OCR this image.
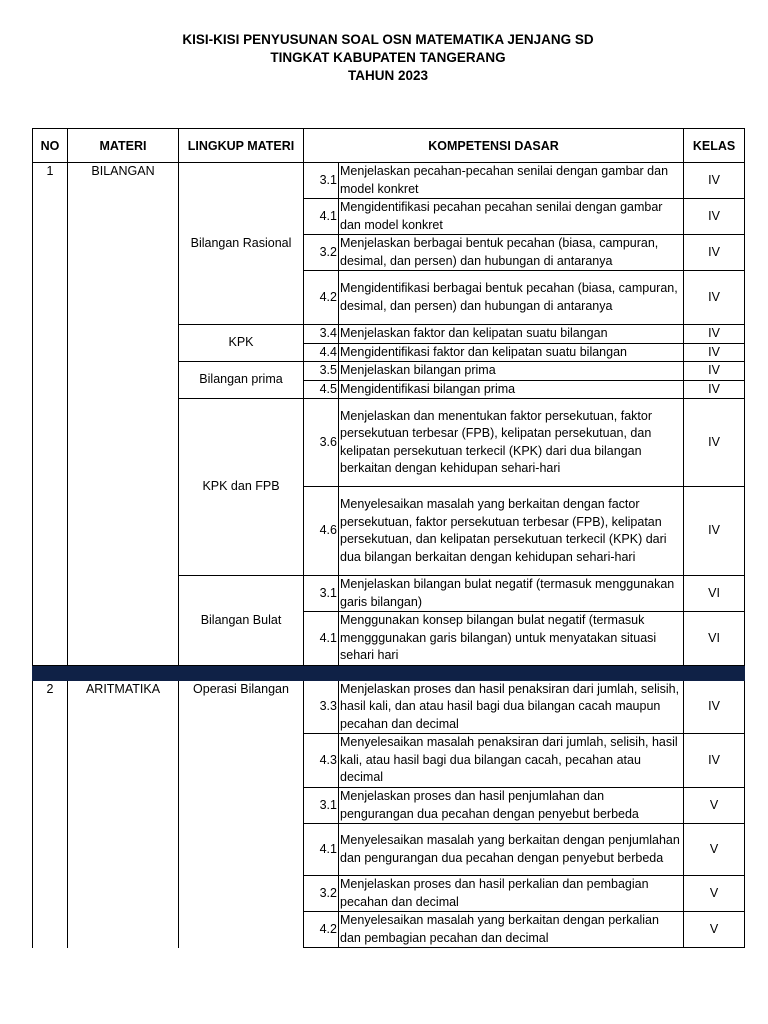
KISI-KISI PENYUSUNAN SOAL OSN MATEMATIKA JENJANG SD
TINGKAT KABUPATEN TANGERANG
TAHUN 2023
NO	MATERI	LINGKUP MATERI	KOMPETENSI DASAR		KELAS
1	BILANGAN	Bilangan Rasional	3.1	Menjelaskan pecahan-pecahan senilai dengan gambar dan model konkret	IV
			4.1	Mengidentifikasi pecahan pecahan senilai dengan gambar dan model konkret	IV
			3.2	Menjelaskan berbagai bentuk pecahan (biasa, campuran, desimal, dan persen) dan hubungan di antaranya	IV
			4.2	Mengidentifikasi berbagai bentuk pecahan (biasa, campuran, desimal, dan persen) dan hubungan di antaranya	IV
		KPK	3.4	Menjelaskan faktor dan kelipatan suatu bilangan	IV
			4.4	Mengidentifikasi faktor dan kelipatan suatu bilangan	IV
		Bilangan prima	3.5	Menjelaskan bilangan prima	IV
			4.5	Mengidentifikasi bilangan prima	IV
		KPK dan FPB	3.6	Menjelaskan dan menentukan faktor persekutuan, faktor persekutuan terbesar (FPB), kelipatan persekutuan, dan kelipatan persekutuan terkecil (KPK) dari dua bilangan berkaitan dengan kehidupan sehari-hari	IV
			4.6	Menyelesaikan masalah yang berkaitan dengan factor persekutuan, faktor persekutuan terbesar (FPB), kelipatan persekutuan, dan kelipatan persekutuan terkecil (KPK) dari dua bilangan berkaitan dengan kehidupan sehari-hari	IV
		Bilangan Bulat	3.1	Menjelaskan bilangan bulat negatif (termasuk menggunakan garis bilangan)	VI
			4.1	Menggunakan konsep bilangan bulat negatif (termasuk mengggunakan garis bilangan) untuk menyatakan situasi sehari hari	VI

2	ARITMATIKA	Operasi Bilangan	3.3	Menjelaskan proses dan hasil penaksiran dari jumlah, selisih, hasil kali, dan atau hasil bagi dua bilangan cacah maupun pecahan dan decimal	IV
			4.3	Menyelesaikan masalah penaksiran dari jumlah, selisih, hasil kali, atau hasil bagi dua bilangan cacah, pecahan atau decimal	IV
			3.1	Menjelaskan proses dan hasil penjumlahan dan pengurangan dua pecahan dengan penyebut berbeda	V
			4.1	Menyelesaikan masalah yang berkaitan dengan penjumlahan dan pengurangan dua pecahan dengan penyebut berbeda	V
			3.2	Menjelaskan proses dan hasil perkalian dan pembagian pecahan dan decimal	V
			4.2	Menyelesaikan masalah yang berkaitan dengan perkalian dan pembagian pecahan dan decimal	V
